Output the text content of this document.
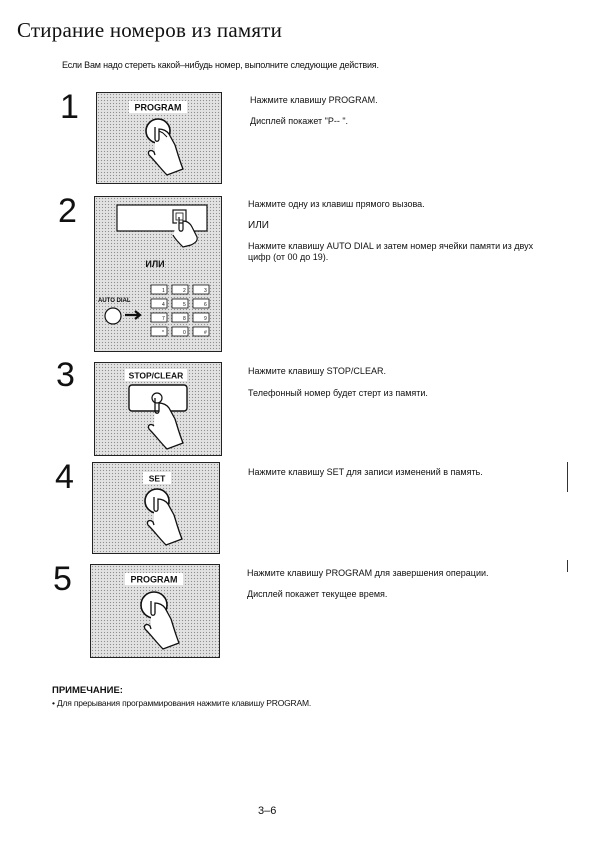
Стирание номеров из памяти
Если Вам надо стереть какой–нибудь номер, выполните следующие действия.
1	PROGRAM

Нажмите клавишу PROGRAM.

Дисплей покажет "P-- ".

2
ИЛИ
AUTO DIAL
1	2	3
4	5	6
7	8	9
*	0	#

Нажмите одну из клавиш прямого вызова.

ИЛИ

Нажмите клавишу AUTO DIAL и затем номер ячейки памяти из двух цифр (от 00 до 19).

3	STOP/CLEAR	Нажмите клавишу STOP/CLEAR.

Телефонный номер будет стерт из памяти.

4	SET

Нажмите клавишу SET для записи изменений в память.

5	PROGRAM

Нажмите клавишу PROGRAM для завершения операции.

Дисплей покажет текущее время.

ПРИМЕЧАНИЕ:
• Для прерывания программирования нажмите клавишу PROGRAM.
3–6
